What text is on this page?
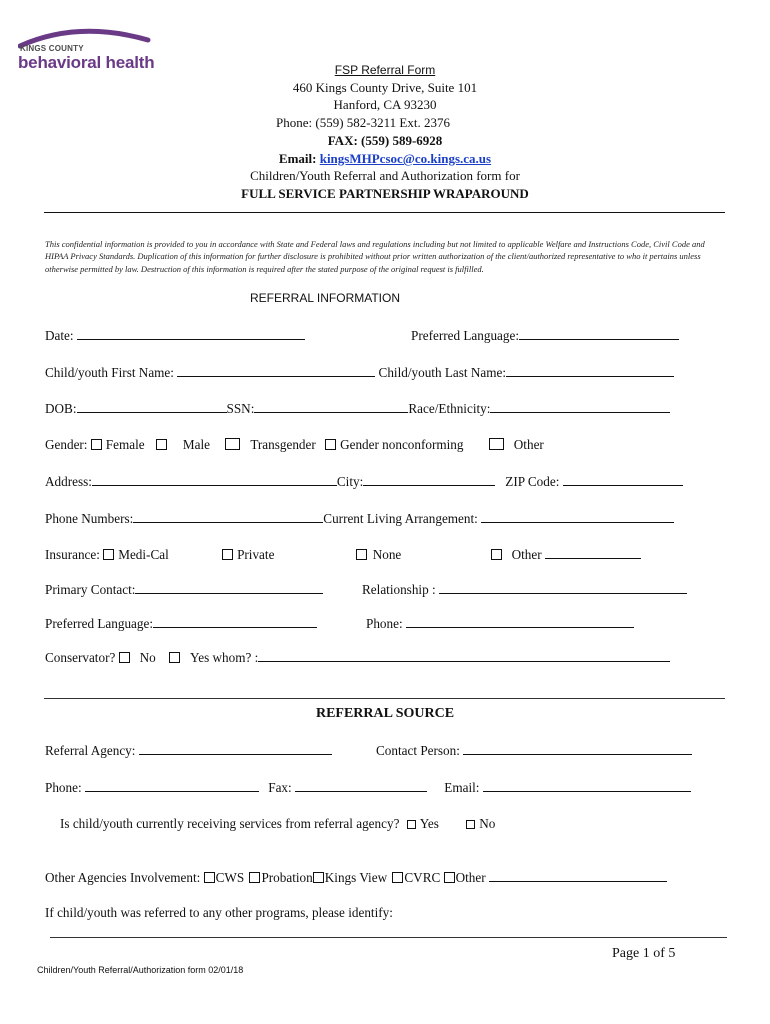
KINGS COUNTY
behavioral health	FSP Referral Form
460 Kings County Drive, Suite 101
Hanford, CA 93230
Phone: (559) 582-3211 Ext. 2376
FAX: (559) 589-6928
Email: kingsMHPcsoc@co.kings.ca.us
Children/Youth Referral and Authorization form for
FULL SERVICE PARTNERSHIP WRAPAROUND
This confidential information is provided to you in accordance with State and Federal laws and regulations including but not limited to applicable Welfare and Instructions Code, Civil Code and HIPAA Privacy Standards. Duplication of this information for further disclosure is prohibited without prior written authorization of the client/authorized representative to who it pertains unless otherwise permitted by law. Destruction of this information is required after the stated purpose of the original request is fulfilled.
REFERRAL INFORMATION
Date:	Preferred Language:
Child/youth First Name:	Child/youth Last Name:
DOB:	SSN:	Race/Ethnicity:
Gender: Female	Male	Transgender Gender nonconforming	Other
Address:	City:	ZIP Code:
Phone Numbers:	Current Living Arrangement:
Insurance: Medi-Cal	Private	None	Other
Primary Contact:	Relationship :
Preferred Language:	Phone:
Conservator? No	Yes whom? :
REFERRAL SOURCE
Referral Agency:	Contact Person:
Phone:	Fax:	Email:
Is child/youth currently receiving services from referral agency? Yes	No
Other Agencies Involvement: CWS Probation Kings View CVRC Other
If child/youth was referred to any other programs, please identify:
Page 1 of 5
Children/Youth Referral/Authorization form 02/01/18
